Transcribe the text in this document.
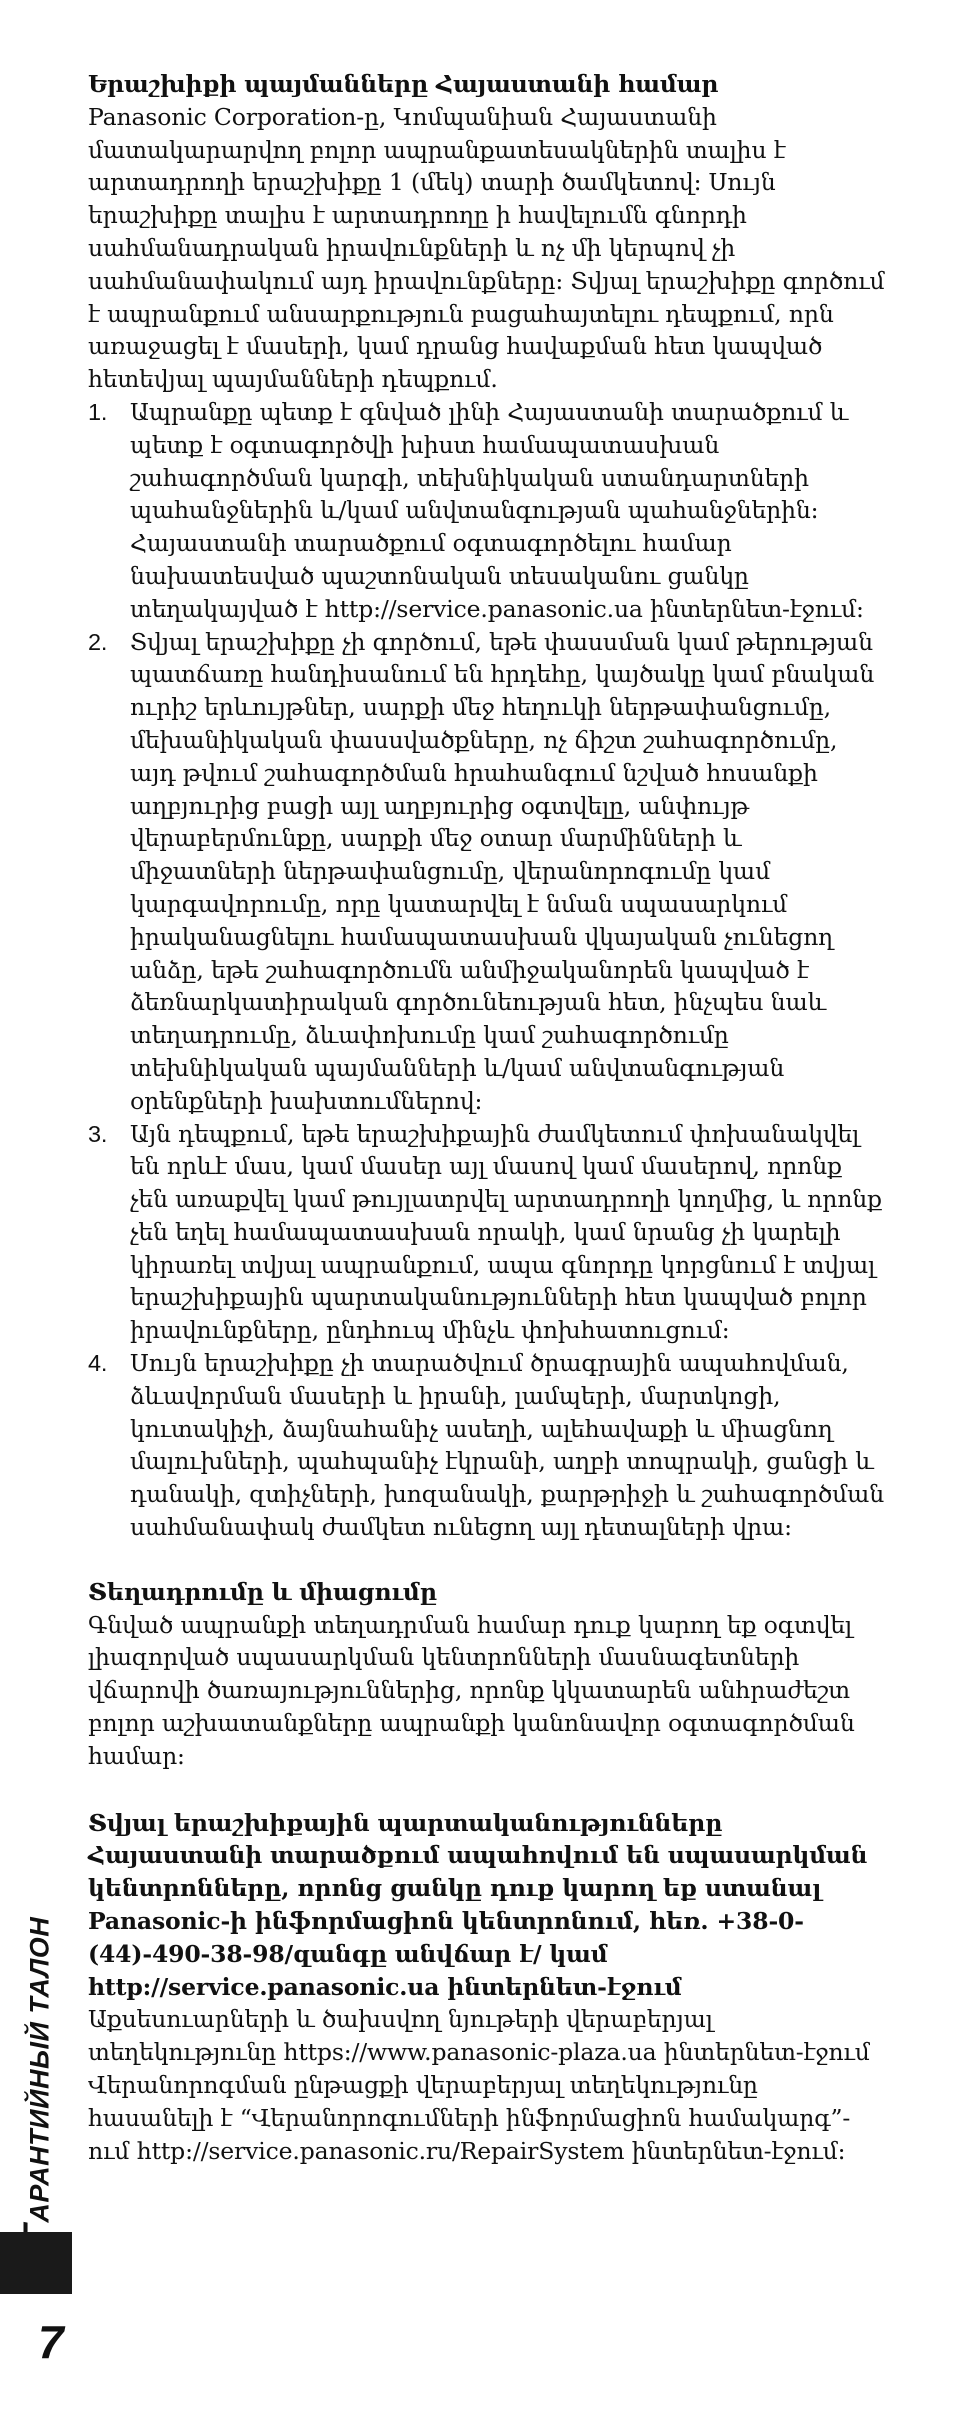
Երաշխիքի պայմանները Հայաստանի համար

Panasonic Corporation-ը, Կոմպանիան Հայաստանի մատակարարվող բոլոր ապրանքատեսակներին տալիս է արտադրողի երաշխիքը 1 (մեկ) տարի ծամկետով: Սույն երաշխիքը տալիս է արտադրողը ի հավելումն գնորդի սահմանադրական իրավունքների և ոչ մի կերպով չի սահմանափակում այդ իրավունքները: Տվյալ երաշխիքը գործում է ապրանքում անսարքություն բացահայտելու դեպքում, որն առաջացել է մասերի, կամ դրանց հավաքման հետ կապված հետեվյալ պայմանների դեպքում.

1. Ապրանքը պետք է գնված լինի Հայաստանի տարածքում և պետք է օգտագործվի խիստ համապատասխան շահագործման կարգի, տեխնիկական ստանդարտների պահանջներին և/կամ անվտանգության պահանջներին: Հայաստանի տարածքում օգտագործելու համար նախատեսված պաշտոնական տեսականու ցանկը տեղակայված է http://service.panasonic.ua ինտերնետ-էջում:
2. Տվյալ երաշխիքը չի գործում, եթե փասսման կամ թերության պատճառը հանդիսանում են հրդեհը, կայծակը կամ բնական ուրիշ երևույթներ, սարքի մեջ հեղուկի ներթափանցումը, մեխանիկական փասսվածքները, ոչ ճիշտ շահագործումը, այդ թվում շահագործման հրահանգում նշված հոսանքի աղբյուրից բացի այլ աղբյուրից օգտվելը, անփույթ վերաբերմունքը, սարքի մեջ օտար մարմինների և միջատների ներթափանցումը, վերանորոգումը կամ կարգավորումը, որը կատարվել է նման սպասարկում իրականացնելու համապատասխան վկայական չունեցող անձը, եթե շահագործումն անմիջականորեն կապված է ձեռնարկատիրական գործունեության հետ, ինչպես նաև տեղադրումը, ձևափոխումը կամ շահագործումը տեխնիկական պայմանների և/կամ անվտանգության օրենքների խախտումներով:
3. Այն դեպքում, եթե երաշխիքային ժամկետում փոխանակվել են որևէ մաս, կամ մասեր այլ մասով կամ մասերով, որոնք չեն առաքվել կամ թույլատրվել արտադրողի կողմից, և որոնք չեն եղել համապատասխան որակի, կամ նրանց չի կարելի կիրառել տվյալ ապրանքում, ապա գնորդը կորցնում է տվյալ երաշխիքային պարտականությունների հետ կապված բոլոր իրավունքները, ընդհուպ մինչև փոխհատուցում:
4. Սույն երաշխիքը չի տարածվում ծրագրային ապահովման, ձևավորման մասերի և իրանի, լամպերի, մարտկոցի, կուտակիչի, ձայնահանիչ ասեղի, ալեհավաքի և միացնող մալուխների, պահպանիչ էկրանի, աղբի տոպրակի, ցանցի և դանակի, զտիչների, խոզանակի, քարթրիջի և շահագործման սահմանափակ ժամկետ ունեցող այլ դետալների վրա:

Տեղադրումը և միացումը

Գնված ապրանքի տեղադրման համար դուք կարող եք օգտվել լիազորված սպասարկման կենտրոնների մասնագետների վճարովի ծառայություններից, որոնք կկատարեն անհրաժեշտ բոլոր աշխատանքները ապրանքի կանոնավոր օգտագործման համար:

Տվյալ երաշխիքային պարտականությունները Հայաստանի տարածքում ապահովում են սպասարկման կենտրոնները, որոնց ցանկը դուք կարող եք ստանալ Panasonic-ի ինֆորմացիոն կենտրոնում, հեռ. +38-0-(44)-490-38-98/զանգը անվճար է/ կամ http://service.panasonic.ua ինտերնետ-էջում

Աքսեսուարների և ծախսվող նյութերի վերաբերյալ տեղեկությունը https://www.panasonic-plaza.ua ինտերնետ-էջում

Վերանորոգման ընթացքի վերաբերյալ տեղեկությունը հասանելի է “Վերանորոգումների ինֆորմացիոն համակարգ”-ում http://service.panasonic.ru/RepairSystem ինտերնետ-էջում:

АРАНТИЙНЫЙ ТАЛОН
7
